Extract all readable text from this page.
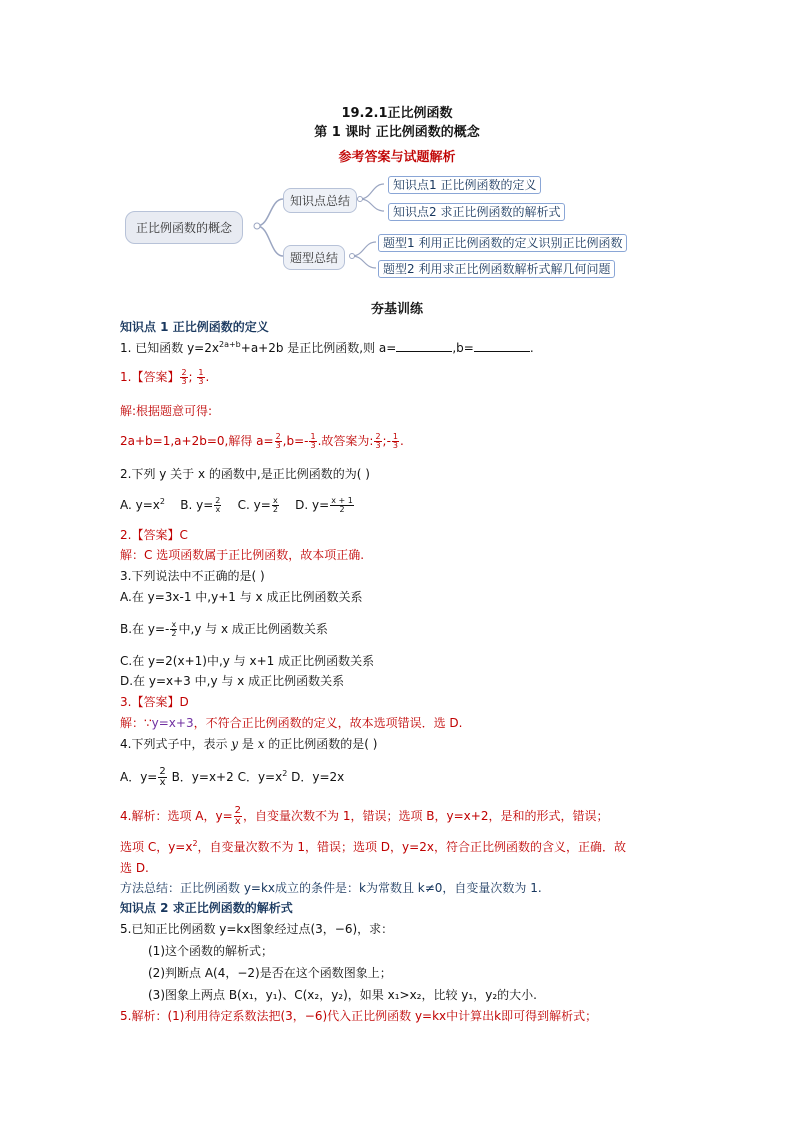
19.2.1正比例函数
第 1 课时 正比例函数的概念
参考答案与试题解析
正比例函数的概念
知识点总结
题型总结
知识点1 正比例函数的定义
知识点2 求正比例函数的解析式
题型1 利用正比例函数的定义识别正比例函数
题型2 利用求正比例函数解析式解几何问题
夯基训练
知识点 1 正比例函数的定义
1. 已知函数 $y=2x^{2a+b}+a+2b$ 是正比例函数,则 a=	,b=	.
1.【答案】 $\frac{2}{3}$ ; $\frac{1}{3}$ .
解:根据题意可得:
2a+b=1,a+2b=0,解得 $a= \frac{2}{3} ,b=- \frac{1}{3}$ .故答案为: $\frac{2}{3}$ ;- $\frac{1}{3}$ .
2.下列 y 关于 x 的函数中,是正比例函数的为( )
A. $y=x^2$ B. $y= \frac{2}{x} C$. $y= \frac{x}{2} D$. $y= \frac{x + 1}{2}$
2.【答案】C
解：C 选项函数属于正比例函数，故本项正确.
3.下列说法中不正确的是( )
A.在 y=3x-1 中,y+1 与 x 成正比例函数关系
B.在 $y=- \frac{x}{2}$ 中,y 与 x 成正比例函数关系
C.在 y=2(x+1)中,y 与 x+1 成正比例函数关系
D.在 y=x+3 中,y 与 x 成正比例函数关系
3.【答案】D
解：∵y=x+3，不符合正比例函数的定义，故本选项错误．选 D.
4.下列式子中，表示 y 是 x 的正比例函数的是( )
A．$y= \frac{2}{x}$ B．y=x+2 C．$y=x^2$ D．y=2x
4.解析：选项 A，$y= \frac{2}{x}$ ，自变量次数不为 1，错误；选项 B，y=x+2，是和的形式，错误；
选项 C，$y=x^2$，自变量次数不为 1，错误；选项 D，y=2x，符合正比例函数的含义，正确．故
选 D.
方法总结：正比例函数 y=kx成立的条件是：k为常数且 k≠0，自变量次数为 1.
知识点 2 求正比例函数的解析式
5.已知正比例函数 y=kx图象经过点(3，−6)，求：
(1)这个函数的解析式；
(2)判断点 A(4，−2)是否在这个函数图象上；
(3)图象上两点 B(x₁，y₁)、C(x₂，y₂)，如果 x₁>x₂，比较 y₁，y₂的大小.
5.解析：(1)利用待定系数法把(3，−6)代入正比例函数 y=kx中计算出k即可得到解析式；
